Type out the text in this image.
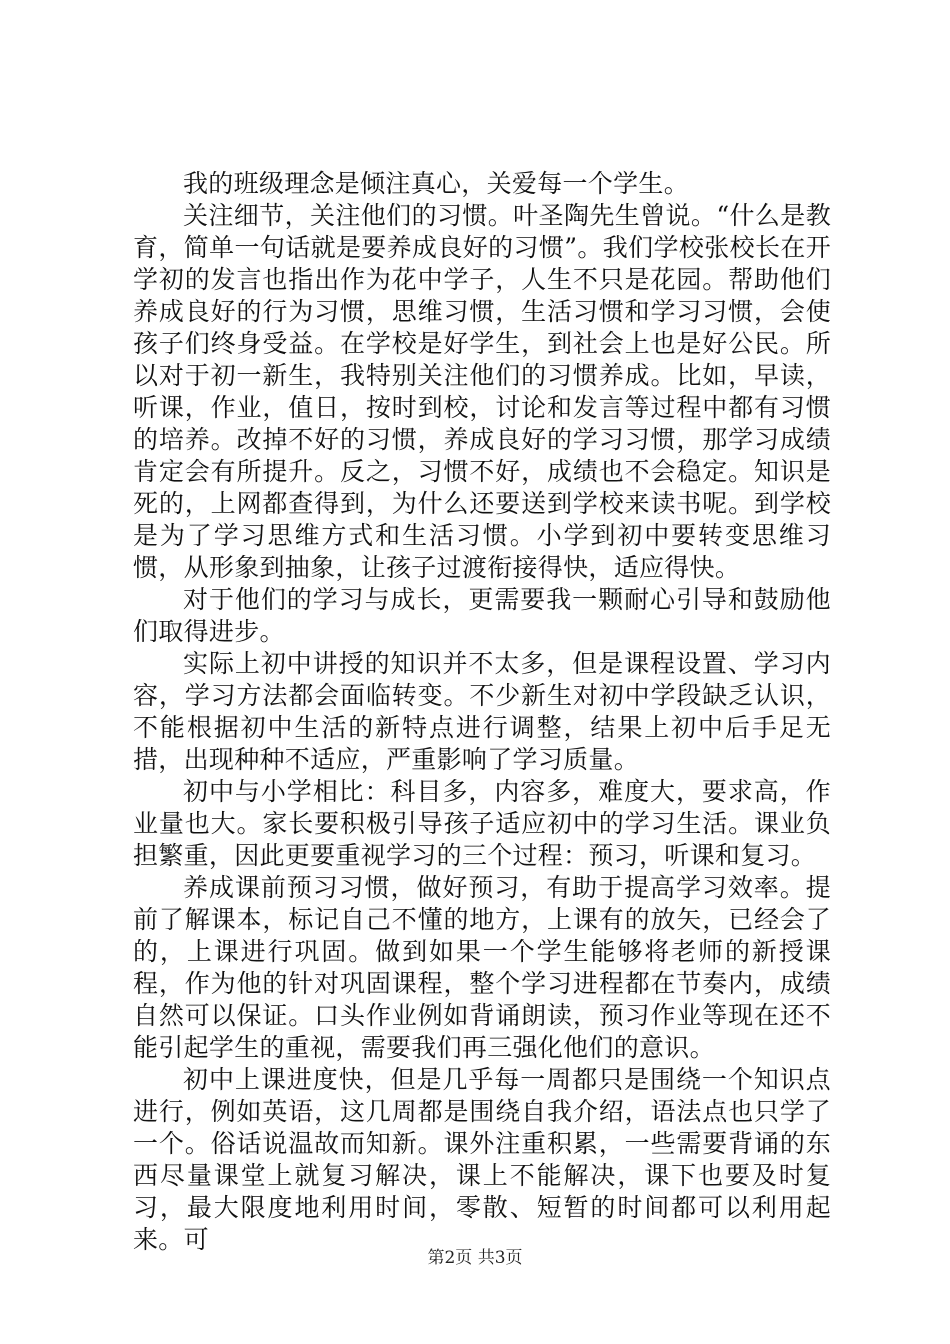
我的班级理念是倾注真心，关爱每一个学生。

关注细节，关注他们的习惯。叶圣陶先生曾说。“什么是教育，简单一句话就是要养成良好的习惯”。我们学校张校长在开学初的发言也指出作为花中学子，人生不只是花园。帮助他们养成良好的行为习惯，思维习惯，生活习惯和学习习惯，会使孩子们终身受益。在学校是好学生，到社会上也是好公民。所以对于初一新生，我特别关注他们的习惯养成。比如，早读，听课，作业，值日，按时到校，讨论和发言等过程中都有习惯的培养。改掉不好的习惯，养成良好的学习习惯，那学习成绩肯定会有所提升。反之，习惯不好，成绩也不会稳定。知识是死的，上网都查得到，为什么还要送到学校来读书呢。到学校是为了学习思维方式和生活习惯。小学到初中要转变思维习惯，从形象到抽象，让孩子过渡衔接得快，适应得快。

对于他们的学习与成长，更需要我一颗耐心引导和鼓励他们取得进步。

实际上初中讲授的知识并不太多，但是课程设置、学习内容，学习方法都会面临转变。不少新生对初中学段缺乏认识，不能根据初中生活的新特点进行调整，结果上初中后手足无措，出现种种不适应，严重影响了学习质量。

初中与小学相比：科目多，内容多，难度大，要求高，作业量也大。家长要积极引导孩子适应初中的学习生活。课业负担繁重，因此更要重视学习的三个过程：预习，听课和复习。

养成课前预习习惯，做好预习，有助于提高学习效率。提前了解课本，标记自己不懂的地方，上课有的放矢，已经会了的，上课进行巩固。做到如果一个学生能够将老师的新授课程，作为他的针对巩固课程，整个学习进程都在节奏内，成绩自然可以保证。口头作业例如背诵朗读，预习作业等现在还不能引起学生的重视，需要我们再三强化他们的意识。

初中上课进度快，但是几乎每一周都只是围绕一个知识点进行，例如英语，这几周都是围绕自我介绍，语法点也只学了一个。俗话说温故而知新。课外注重积累，一些需要背诵的东西尽量课堂上就复习解决，课上不能解决，课下也要及时复习，最大限度地利用时间，零散、短暂的时间都可以利用起来。可

第2页 共3页
